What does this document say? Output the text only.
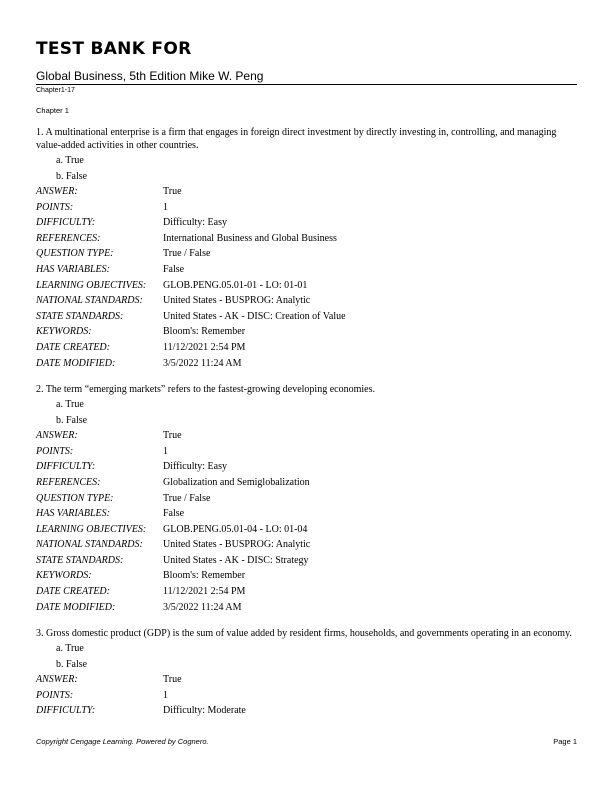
TEST BANK FOR
Global Business, 5th Edition Mike W. Peng
Chapter1-17
Chapter 1
1. A multinational enterprise is a firm that engages in foreign direct investment by directly investing in, controlling, and managing value-added activities in other countries.
a. True
b. False
ANSWER:	True
POINTS:	1
DIFFICULTY:	Difficulty: Easy
REFERENCES:	International Business and Global Business
QUESTION TYPE:	True / False
HAS VARIABLES:	False
LEARNING OBJECTIVES:	GLOB.PENG.05.01-01 - LO: 01-01
NATIONAL STANDARDS:	United States - BUSPROG: Analytic
STATE STANDARDS:	United States - AK - DISC: Creation of Value
KEYWORDS:	Bloom's: Remember
DATE CREATED:	11/12/2021 2:54 PM
DATE MODIFIED:	3/5/2022 11:24 AM
2. The term “emerging markets” refers to the fastest-growing developing economies.
a. True
b. False
ANSWER:	True
POINTS:	1
DIFFICULTY:	Difficulty: Easy
REFERENCES:	Globalization and Semiglobalization
QUESTION TYPE:	True / False
HAS VARIABLES:	False
LEARNING OBJECTIVES:	GLOB.PENG.05.01-04 - LO: 01-04
NATIONAL STANDARDS:	United States - BUSPROG: Analytic
STATE STANDARDS:	United States - AK - DISC: Strategy
KEYWORDS:	Bloom's: Remember
DATE CREATED:	11/12/2021 2:54 PM
DATE MODIFIED:	3/5/2022 11:24 AM
3. Gross domestic product (GDP) is the sum of value added by resident firms, households, and governments operating in an economy.
a. True
b. False
ANSWER:	True
POINTS:	1
DIFFICULTY:	Difficulty: Moderate
Copyright Cengage Learning. Powered by Cognero.	Page 1
